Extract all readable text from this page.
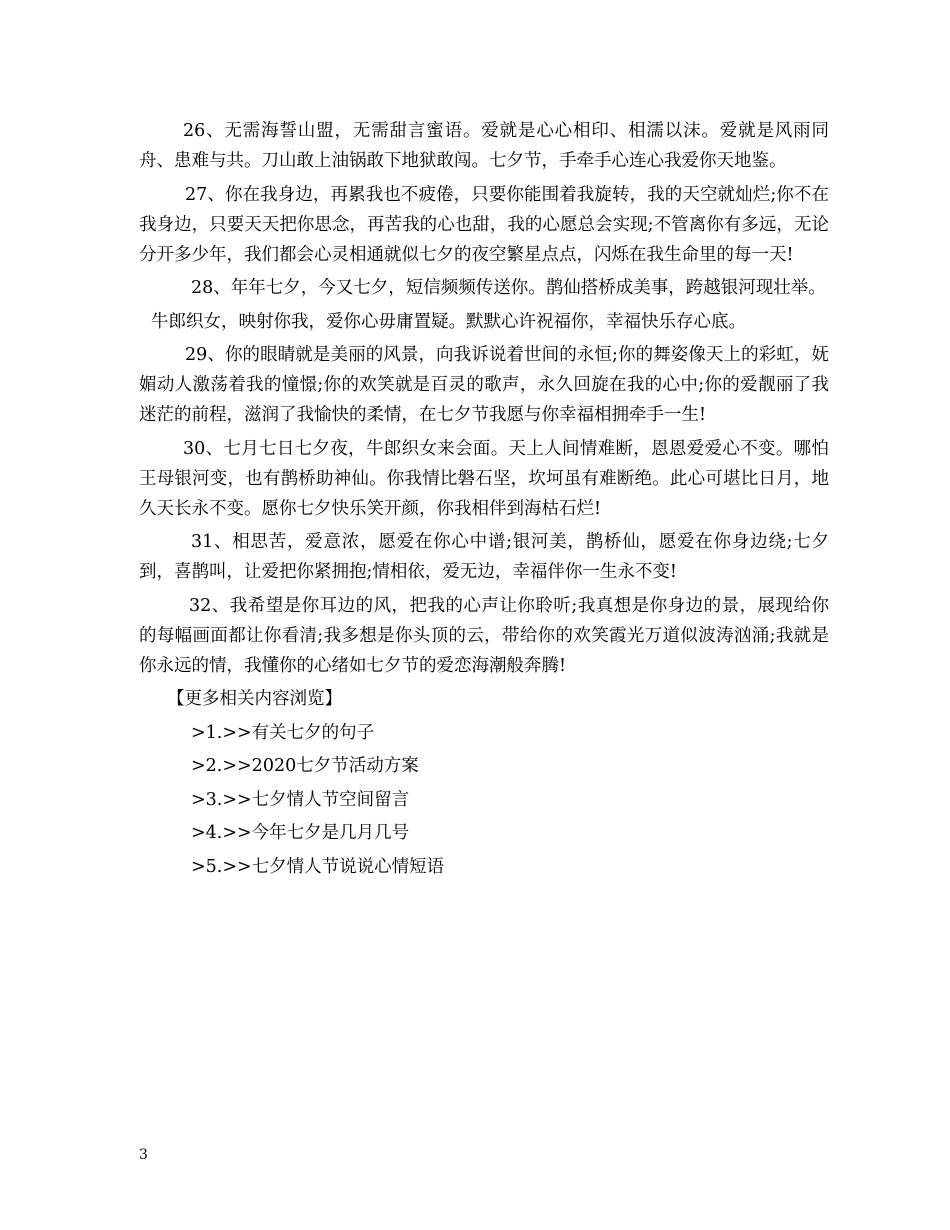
26、无需海誓山盟，无需甜言蜜语。爱就是心心相印、相濡以沫。爱就是风雨同舟、患难与共。刀山敢上油锅敢下地狱敢闯。七夕节，手牵手心连心我爱你天地鉴。

27、你在我身边，再累我也不疲倦，只要你能围着我旋转，我的天空就灿烂;你不在我身边，只要天天把你思念，再苦我的心也甜，我的心愿总会实现;不管离你有多远，无论分开多少年，我们都会心灵相通就似七夕的夜空繁星点点，闪烁在我生命里的每一天!

28、年年七夕，今又七夕，短信频频传送你。鹊仙搭桥成美事，跨越银河现壮举。

牛郎织女，映射你我，爱你心毋庸置疑。默默心许祝福你，幸福快乐存心底。

29、你的眼睛就是美丽的风景，向我诉说着世间的永恒;你的舞姿像天上的彩虹，妩媚动人激荡着我的憧憬;你的欢笑就是百灵的歌声，永久回旋在我的心中;你的爱靓丽了我迷茫的前程，滋润了我愉快的柔情，在七夕节我愿与你幸福相拥牵手一生!

30、七月七日七夕夜，牛郎织女来会面。天上人间情难断，恩恩爱爱心不变。哪怕王母银河变，也有鹊桥助神仙。你我情比磐石坚，坎坷虽有难断绝。此心可堪比日月，地久天长永不变。愿你七夕快乐笑开颜，你我相伴到海枯石烂!

31、相思苦，爱意浓，愿爱在你心中谱;银河美，鹊桥仙，愿爱在你身边绕;七夕到，喜鹊叫，让爱把你紧拥抱;情相依，爱无边，幸福伴你一生永不变!

32、我希望是你耳边的风，把我的心声让你聆听;我真想是你身边的景，展现给你的每幅画面都让你看清;我多想是你头顶的云，带给你的欢笑霞光万道似波涛汹涌;我就是你永远的情，我懂你的心绪如七夕节的爱恋海潮般奔腾!

【更多相关内容浏览】
>1.>>有关七夕的句子
>2.>>2020七夕节活动方案
>3.>>七夕情人节空间留言
>4.>>今年七夕是几月几号
>5.>>七夕情人节说说心情短语
3
